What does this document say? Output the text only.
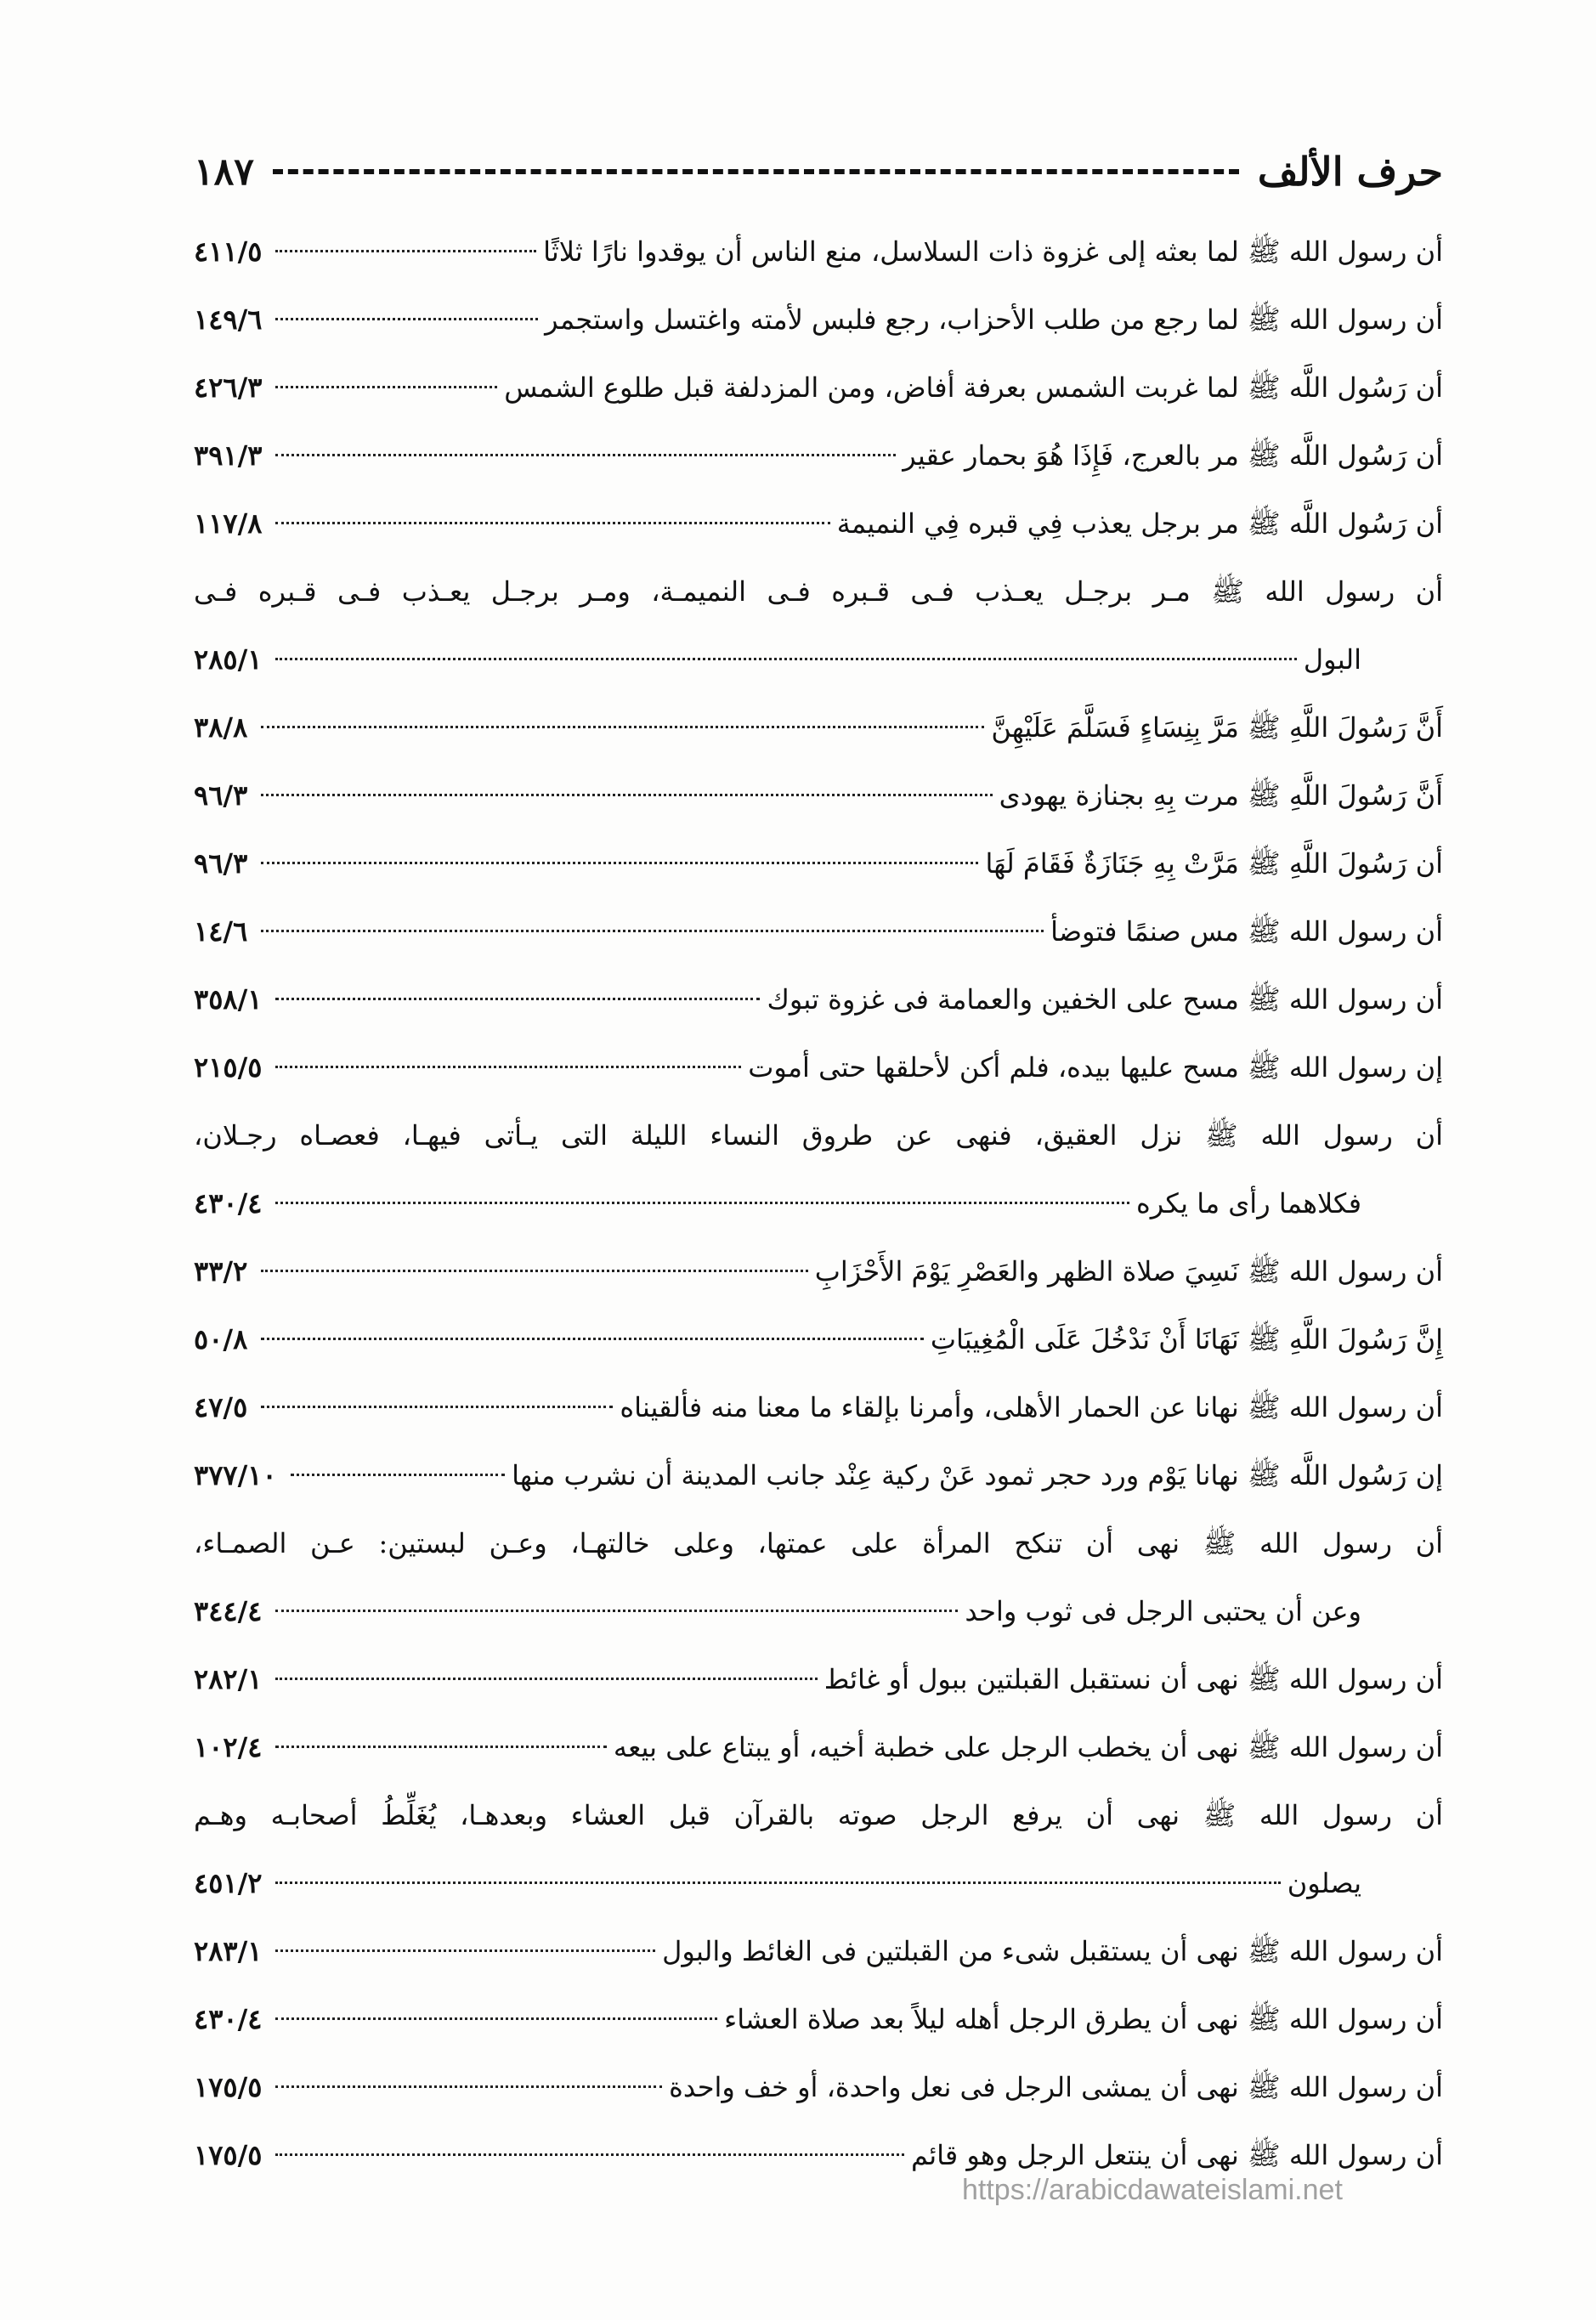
حرف الألف
١٨٧
أن رسول الله ﷺ لما بعثه إلى غزوة ذات السلاسل، منع الناس أن يوقدوا نارًا ثلاثًا
٤١١/٥
أن رسول الله ﷺ لما رجع من طلب الأحزاب، رجع فلبس لأمته واغتسل واستجمر
١٤٩/٦
أن رَسُول اللَّه ﷺ لما غربت الشمس بعرفة أفاض، ومن المزدلفة قبل طلوع الشمس
٤٢٦/٣
أن رَسُول اللَّه ﷺ مر بالعرج، فَإِذَا هُوَ بحمار عقير
٣٩١/٣
أن رَسُول اللَّه ﷺ مر برجل يعذب فِي قبره فِي النميمة
١١٧/٨
أن رسول الله ﷺ مـر برجـل يعـذب فـى قـبره فـى النميمـة، ومـر برجـل يعـذب فـى قـبره فـى
البول
٢٨٥/١
أَنَّ رَسُولَ اللَّهِ ﷺ مَرَّ بِنِسَاءٍ فَسَلَّمَ عَلَيْهِنَّ
٣٨/٨
أَنَّ رَسُولَ اللَّهِ ﷺ مرت بِهِ بجنازة يهودى
٩٦/٣
أن رَسُولَ اللَّهِ ﷺ مَرَّتْ بِهِ جَنَازَةٌ فَقَامَ لَهَا
٩٦/٣
أن رسول الله ﷺ مس صنمًا فتوضأ
١٤/٦
أن رسول الله ﷺ مسح على الخفين والعمامة فى غزوة تبوك
٣٥٨/١
إن رسول الله ﷺ مسح عليها بيده، فلم أكن لأحلقها حتى أموت
٢١٥/٥
أن رسول الله ﷺ نزل العقيق، فنهى عن طروق النساء الليلة التى يـأتى فيهـا، فعصـاه رجـلان،
فكلاهما رأى ما يكره
٤٣٠/٤
أن رسول الله ﷺ نَسِيَ صلاة الظهر والعَصْرِ يَوْمَ الأَحْزَابِ
٣٣/٢
إِنَّ رَسُولَ اللَّهِ ﷺ نَهَانَا أَنْ نَدْخُلَ عَلَى الْمُغِيبَاتِ
٥٠/٨
أن رسول الله ﷺ نهانا عن الحمار الأهلى، وأمرنا بإلقاء ما معنا منه فألقيناه
٤٧/٥
إن رَسُول اللَّه ﷺ نهانا يَوْم ورد حجر ثمود عَنْ ركية عِنْد جانب المدينة أن نشرب منها
٣٧٧/١٠
أن رسول الله ﷺ نهى أن تنكح المرأة على عمتها، وعلى خالتهـا، وعـن لبستين: عـن الصمـاء،
وعن أن يحتبى الرجل فى ثوب واحد
٣٤٤/٤
أن رسول الله ﷺ نهى أن نستقبل القبلتين ببول أو غائط
٢٨٢/١
أن رسول الله ﷺ نهى أن يخطب الرجل على خطبة أخيه، أو يبتاع على بيعه
١٠٢/٤
أن رسول الله ﷺ نهى أن يرفع الرجل صوته بالقرآن قبل العشاء وبعدهـا، يُغَلِّطُ أصحابـه وهـم
يصلون
٤٥١/٢
أن رسول الله ﷺ نهى أن يستقبل شىء من القبلتين فى الغائط والبول
٢٨٣/١
أن رسول الله ﷺ نهى أن يطرق الرجل أهله ليلاً بعد صلاة العشاء
٤٣٠/٤
أن رسول الله ﷺ نهى أن يمشى الرجل فى نعل واحدة، أو خف واحدة
١٧٥/٥
أن رسول الله ﷺ نهى أن ينتعل الرجل وهو قائم
١٧٥/٥
https://arabicdawateislami.net
